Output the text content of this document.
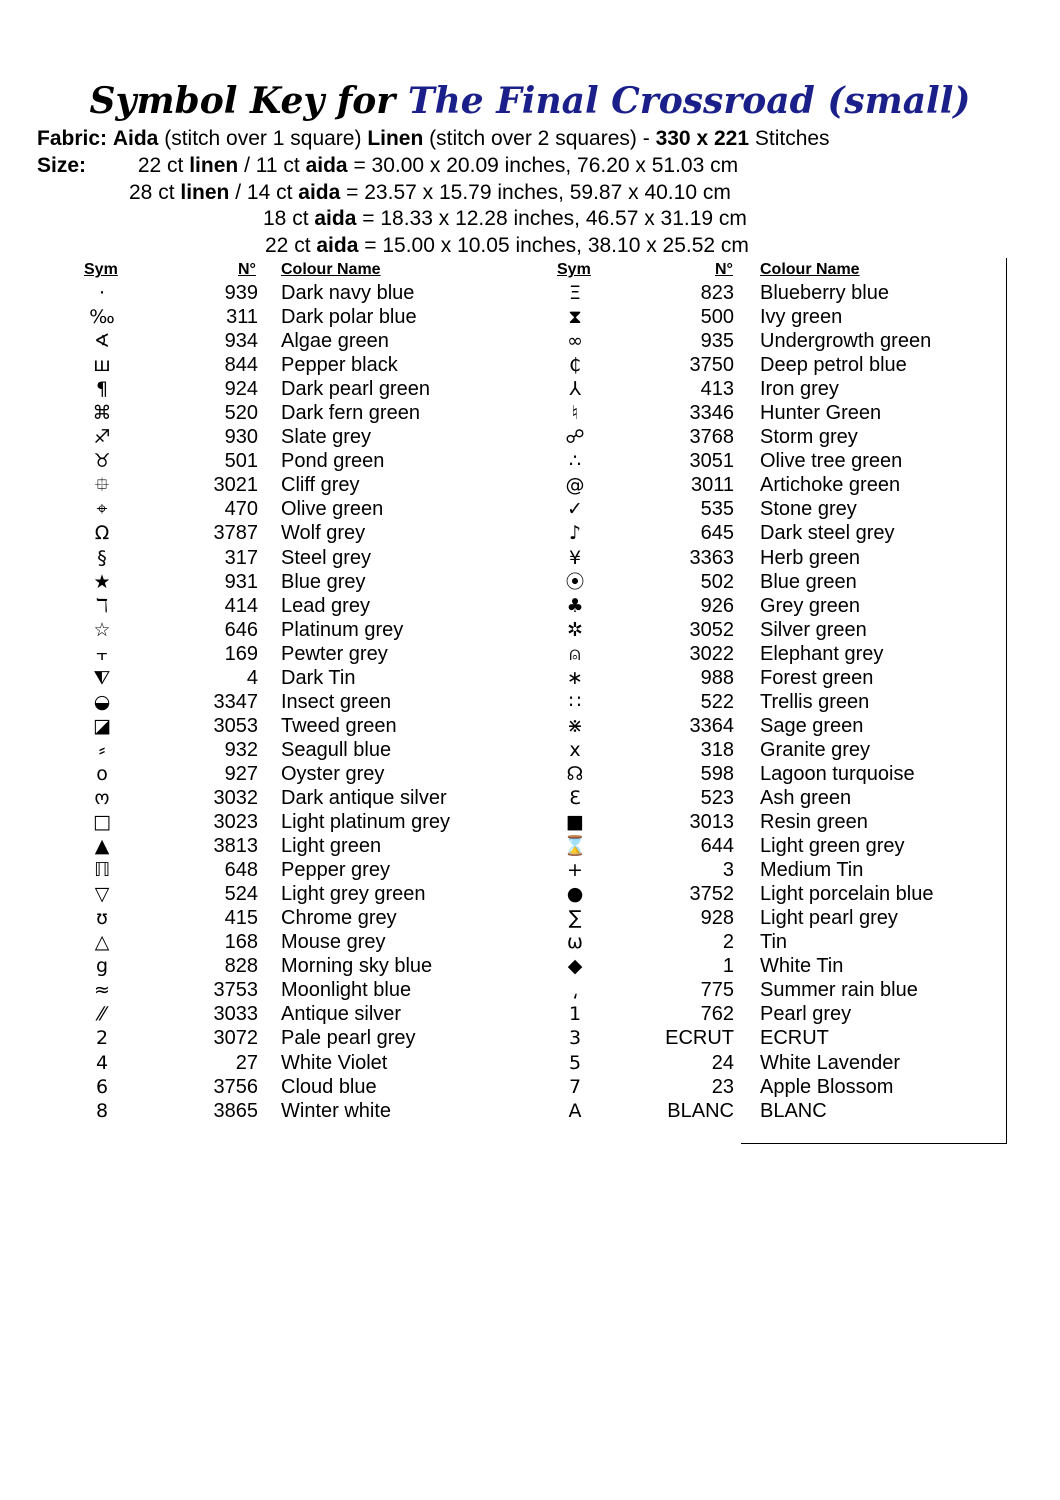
Symbol Key for The Final Crossroad (small)
Fabric: Aida (stitch over 1 square) Linen (stitch over 2 squares) - 330 x 221 Stitches
Size: 22 ct linen / 11 ct aida = 30.00 x 20.09 inches, 76.20 x 51.03 cm
28 ct linen / 14 ct aida = 23.57 x 15.79 inches, 59.87 x 40.10 cm
18 ct aida = 18.33 x 12.28 inches, 46.57 x 31.19 cm
22 ct aida = 15.00 x 10.05 inches, 38.10 x 25.52 cm
Sym	N° Colour Name	Sym	N° Colour Name
·	939 Dark navy blue
‰	311 Dark polar blue
∢	934 Algae green
ш	844 Pepper black
¶	924 Dark pearl green
⌘	520 Dark fern green
♐	930 Slate grey
♉	501 Pond green
⯐	3021 Cliff grey
⌖	470 Olive green
Ω	3787 Wolf grey
§	317 Steel grey
★	931 Blue grey
ℸ	414 Lead grey
☆	646 Platinum grey
⫟	169 Pewter grey
⧨	4 Dark Tin
◒	3347 Insect green
◪	3053 Tweed green
⸗	932 Seagull blue
o	927 Oyster grey
ო	3032 Dark antique silver
□	3023 Light platinum grey
▲	3813 Light green
ℿ	648 Pepper grey
▽	524 Light grey green
ʊ	415 Chrome grey
△	168 Mouse grey
g	828 Morning sky blue
≈	3753 Moonlight blue
⁄⁄	3033 Antique silver
2	3072 Pale pearl grey
4	27 White Violet
6	3756 Cloud blue
8	3865 Winter white
Ξ	823 Blueberry blue
⧗	500 Ivy green
∞	935 Undergrowth green
₵	3750 Deep petrol blue
⅄	413 Iron grey
♮	3346 Hunter Green
☍	3768 Storm grey
∴	3051 Olive tree green
@	3011 Artichoke green
✓	535 Stone grey
♪	645 Dark steel grey
¥	3363 Herb green
⦿	502 Blue green
♣	926 Grey green
✲	3052 Silver green
⍝	3022 Elephant grey
∗	988 Forest green
∷	522 Trellis green
⋇	3364 Sage green
x	318 Granite grey
☊	598 Lagoon turquoise
Ɛ	523 Ash green
■	3013 Resin green
⌛	644 Light green grey
+	3 Medium Tin
●	3752 Light porcelain blue
∑	928 Light pearl grey
ω	2 Tin
◆	1 White Tin
⸲	775 Summer rain blue
1	762 Pearl grey
3	ECRUT ECRUT
5	24 White Lavender
7	23 Apple Blossom
A	BLANC BLANC
